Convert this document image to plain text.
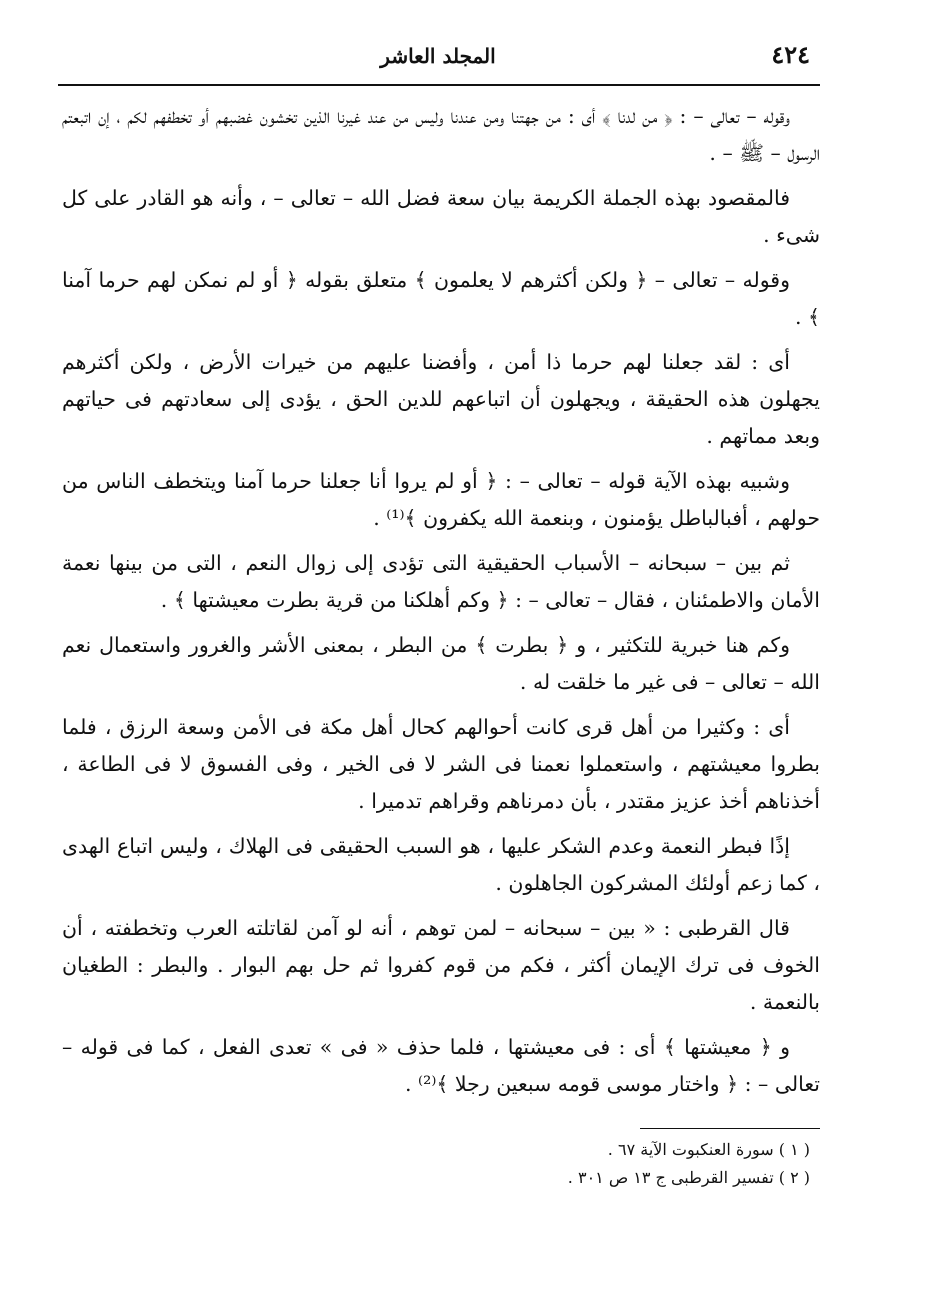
٤٢٤
المجلد العاشر

وقوله – تعالى – : ﴿ من لدنا ﴾ أى : من جهتنا ومن عندنا وليس من عند غيرنا الذين تخشون غضبهم أو تخطفهم لكم ، إن اتبعتم الرسول – ﷺ – .

فالمقصود بهذه الجملة الكريمة بيان سعة فضل الله – تعالى – ، وأنه هو القادر على كل شىء .

وقوله – تعالى – ﴿ ولكن أكثرهم لا يعلمون ﴾ متعلق بقوله ﴿ أو لم نمكن لهم حرما آمنا ﴾ .

أى : لقد جعلنا لهم حرما ذا أمن ، وأفضنا عليهم من خيرات الأرض ، ولكن أكثرهم يجهلون هذه الحقيقة ، ويجهلون أن اتباعهم للدين الحق ، يؤدى إلى سعادتهم فى حياتهم وبعد مماتهم .

وشبيه بهذه الآية قوله – تعالى – : ﴿ أو لم يروا أنا جعلنا حرما آمنا ويتخطف الناس من حولهم ، أفبالباطل يؤمنون ، وبنعمة الله يكفرون ﴾⁽¹⁾ .

ثم بين – سبحانه – الأسباب الحقيقية التى تؤدى إلى زوال النعم ، التى من بينها نعمة الأمان والاطمئنان ، فقال – تعالى – : ﴿ وكم أهلكنا من قرية بطرت معيشتها ﴾ .

وكم هنا خبرية للتكثير ، و ﴿ بطرت ﴾ من البطر ، بمعنى الأشر والغرور واستعمال نعم الله – تعالى – فى غير ما خلقت له .

أى : وكثيرا من أهل قرى كانت أحوالهم كحال أهل مكة فى الأمن وسعة الرزق ، فلما بطروا معيشتهم ، واستعملوا نعمنا فى الشر لا فى الخير ، وفى الفسوق لا فى الطاعة ، أخذناهم أخذ عزيز مقتدر ، بأن دمرناهم وقراهم تدميرا .

إذًا فبطر النعمة وعدم الشكر عليها ، هو السبب الحقيقى فى الهلاك ، وليس اتباع الهدى ، كما زعم أولئك المشركون الجاهلون .

قال القرطبى : « بين – سبحانه – لمن توهم ، أنه لو آمن لقاتلته العرب وتخطفته ، أن الخوف فى ترك الإيمان أكثر ، فكم من قوم كفروا ثم حل بهم البوار . والبطر : الطغيان بالنعمة .

و ﴿ معيشتها ﴾ أى : فى معيشتها ، فلما حذف « فى » تعدى الفعل ، كما فى قوله – تعالى – : ﴿ واختار موسى قومه سبعين رجلا ﴾⁽²⁾ .

( ١ ) سورة العنكبوت الآية ٦٧ .

( ٢ ) تفسير القرطبى ج ١٣ ص ٣٠١ .
